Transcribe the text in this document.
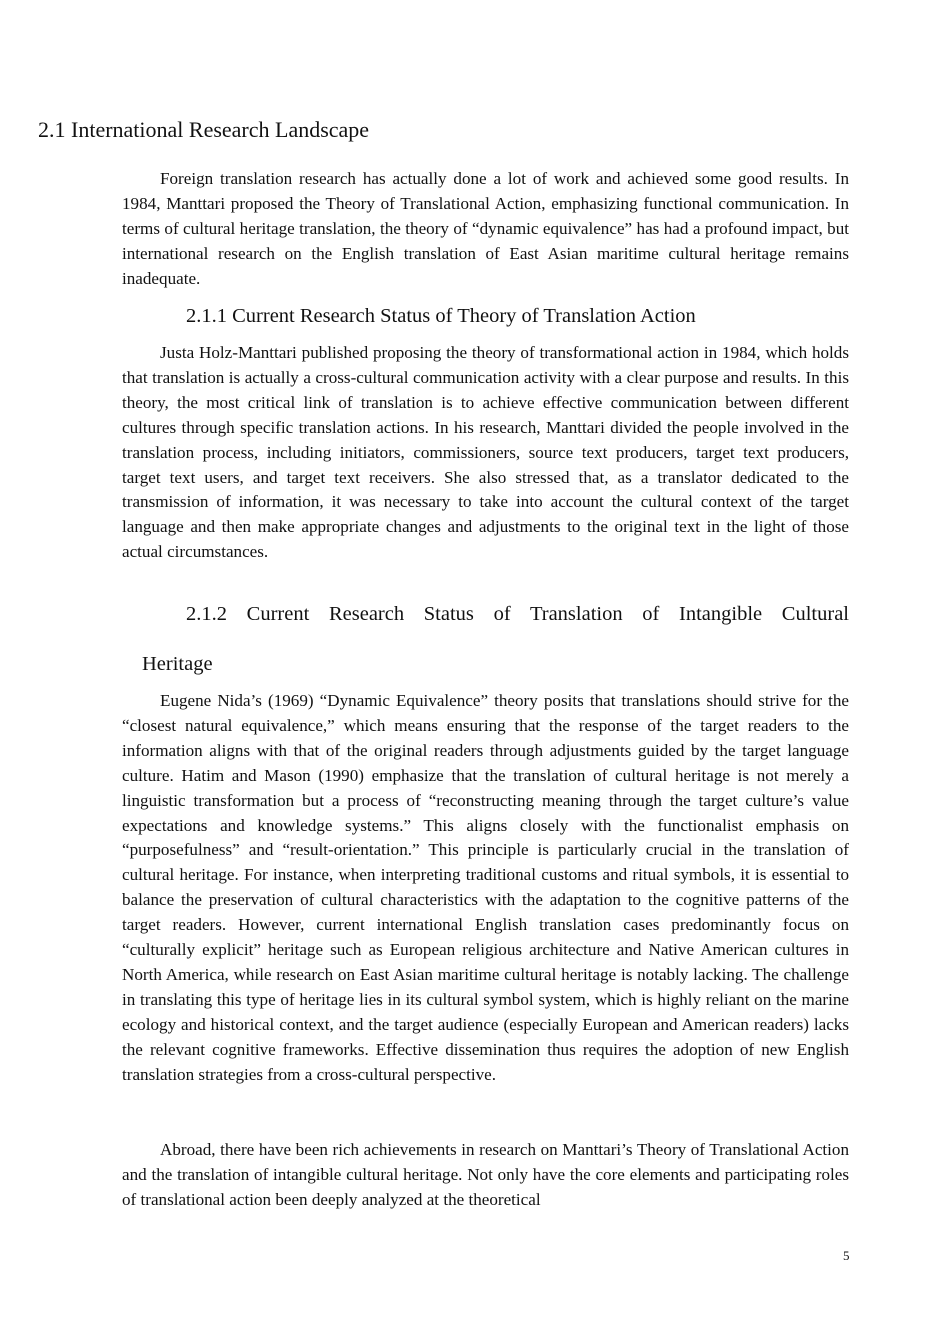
2.1 International Research Landscape

Foreign translation research has actually done a lot of work and achieved some good results. In 1984, Manttari proposed the Theory of Translational Action, emphasizing functional communication. In terms of cultural heritage translation, the theory of “dynamic equivalence” has had a profound impact, but international research on the English translation of East Asian maritime cultural heritage remains inadequate.

2.1.1 Current Research Status of Theory of Translation Action

Justa Holz-Manttari published proposing the theory of transformational action in 1984, which holds that translation is actually a cross-cultural communication activity with a clear purpose and results. In this theory, the most critical link of translation is to achieve effective communication between different cultures through specific translation actions. In his research, Manttari divided the people involved in the translation process, including initiators, commissioners, source text producers, target text producers, target text users, and target text receivers. She also stressed that, as a translator dedicated to the transmission of information, it was necessary to take into account the cultural context of the target language and then make appropriate changes and adjustments to the original text in the light of those actual circumstances.

2.1.2 Current Research Status of Translation of Intangible Cultural
Heritage

Eugene Nida’s (1969) “Dynamic Equivalence” theory posits that translations should strive for the “closest natural equivalence,” which means ensuring that the response of the target readers to the information aligns with that of the original readers through adjustments guided by the target language culture. Hatim and Mason (1990) emphasize that the translation of cultural heritage is not merely a linguistic transformation but a process of “reconstructing meaning through the target culture’s value expectations and knowledge systems.” This aligns closely with the functionalist emphasis on “purposefulness” and “result-orientation.” This principle is particularly crucial in the translation of cultural heritage. For instance, when interpreting traditional customs and ritual symbols, it is essential to balance the preservation of cultural characteristics with the adaptation to the cognitive patterns of the target readers. However, current international English translation cases predominantly focus on “culturally explicit” heritage such as European religious architecture and Native American cultures in North America, while research on East Asian maritime cultural heritage is notably lacking. The challenge in translating this type of heritage lies in its cultural symbol system, which is highly reliant on the marine ecology and historical context, and the target audience (especially European and American readers) lacks the relevant cognitive frameworks. Effective dissemination thus requires the adoption of new English translation strategies from a cross-cultural perspective.

Abroad, there have been rich achievements in research on Manttari’s Theory of Translational Action and the translation of intangible cultural heritage. Not only have the core elements and participating roles of translational action been deeply analyzed at the theoretical

5
